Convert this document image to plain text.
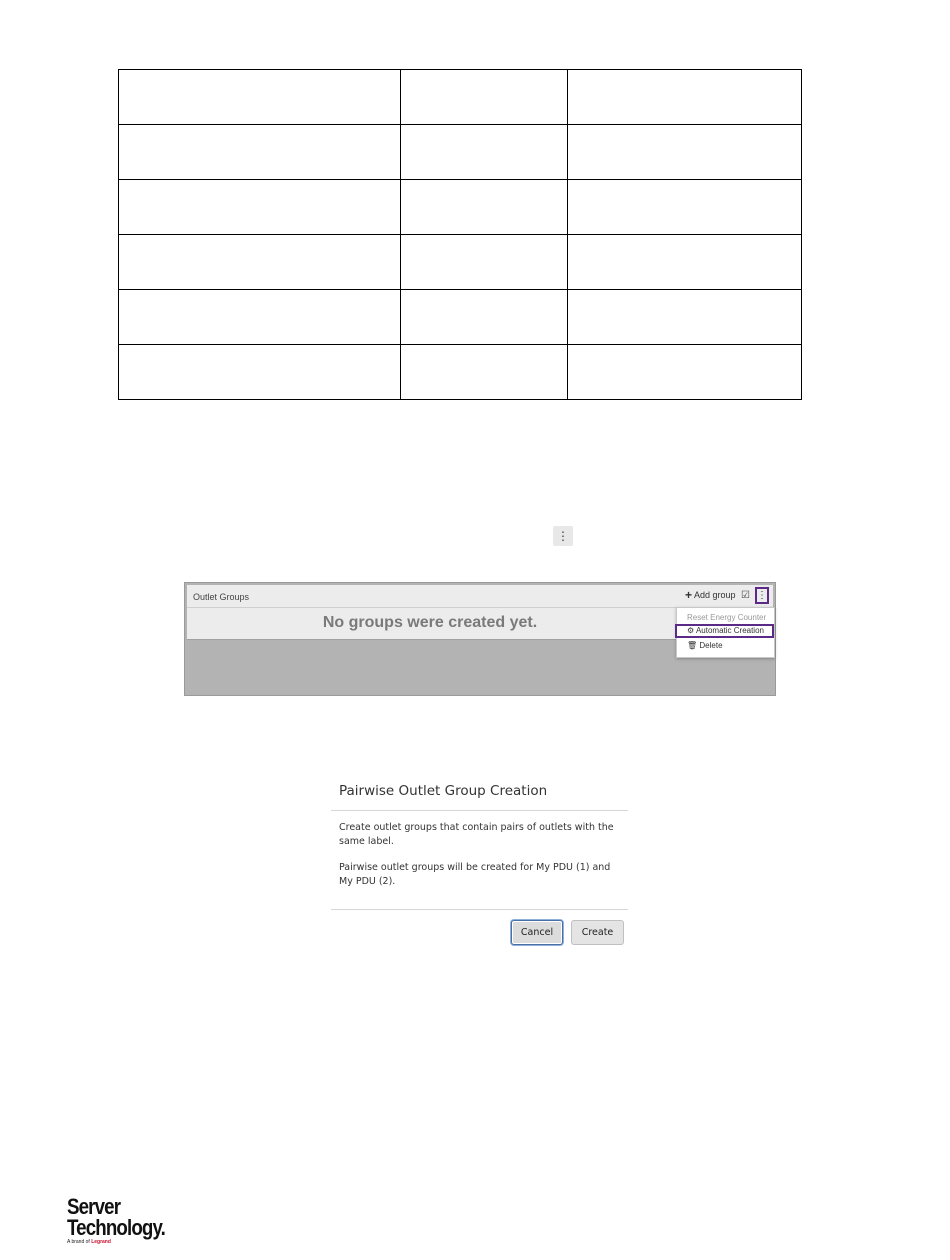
⋮
Outlet Groups	+ Add group ☑ ⋮
No groups were created yet.	Reset Energy Counter
⚙ Automatic Creation
🗑 Delete
Pairwise Outlet Group Creation
Create outlet groups that contain pairs of outlets with the same label.
Pairwise outlet groups will be created for My PDU (1) and My PDU (2).
Cancel	Create
Server
Technology.
A brand of Legrand
